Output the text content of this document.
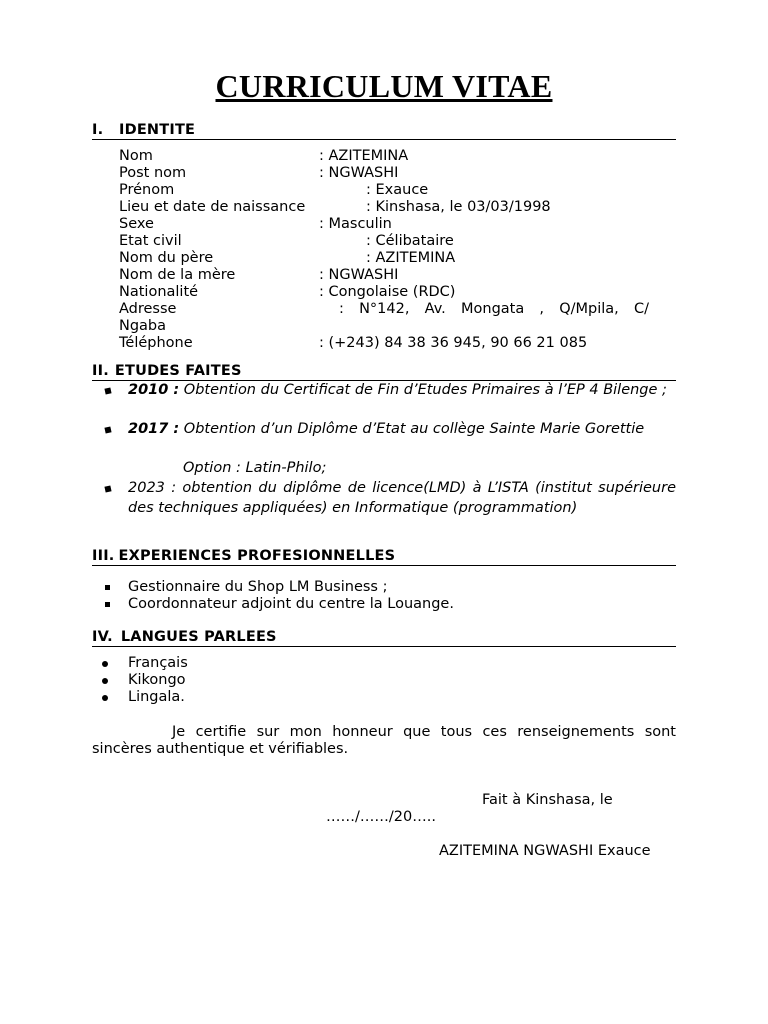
CURRICULUM VITAE
I. IDENTITE
Nom	: AZITEMINA
Post nom	: NGWASHI
Prénom	: Exauce
Lieu et date de naissance	: Kinshasa, le 03/03/1998
Sexe	: Masculin
Etat civil	: Célibataire
Nom du père	: AZITEMINA
Nom de la mère	: NGWASHI
Nationalité	: Congolaise (RDC)
Adresse	:   N°142,   Av.   Mongata   ,   Q/Mpila,   C/
Ngaba
Téléphone	: (+243) 84 38 36 945, 90 66 21 085
II. ETUDES FAITES
2010 : Obtention du Certificat de Fin d’Etudes Primaires à l’EP 4 Bilenge ;
2017 : Obtention d’un Diplôme d’Etat au collège Sainte Marie Gorettie
Option : Latin-Philo;
2023 : obtention du diplôme de licence(LMD) à L’ISTA (institut supérieure des techniques appliquées) en Informatique (programmation)
III. EXPERIENCES PROFESIONNELLES
Gestionnaire du Shop LM Business ;
Coordonnateur adjoint du centre la Louange.
IV. LANGUES PARLEES
Français
Kikongo
Lingala.
Je certifie sur mon honneur que tous ces renseignements sont sincères authentique et vérifiables.
Fait à Kinshasa, le
……/……/20…..
AZITEMINA NGWASHI Exauce
